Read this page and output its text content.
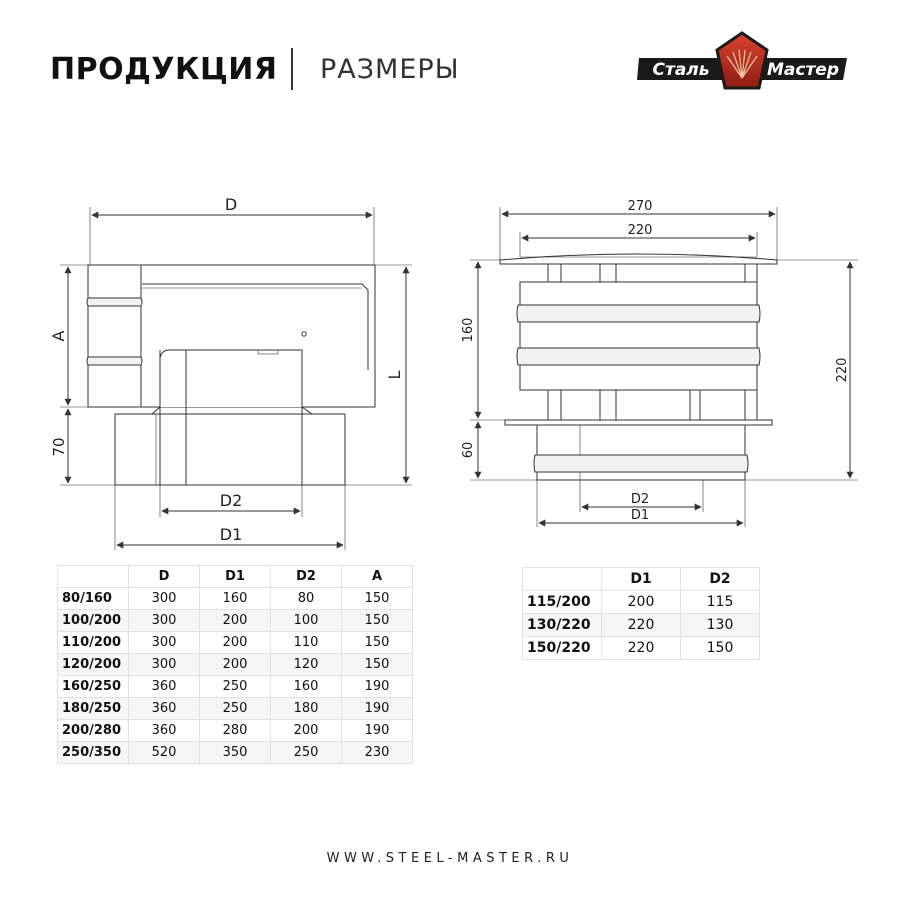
ПРОДУКЦИЯ РАЗМЕРЫ	Сталь	Мастер
D
A
70
L
D2
D1
270
220
160
60
220
D2
D1
	D	D1	D2	A
80/160	300	160	80	150
100/200	300	200	100	150
110/200	300	200	110	150
120/200	300	200	120	150
160/250	360	250	160	190
180/250	360	250	180	190
200/280	360	280	200	190
250/350	520	350	250	230
	D1	D2
115/200	200	115
130/220	220	130
150/220	220	150
WWW.STEEL-MASTER.RU
